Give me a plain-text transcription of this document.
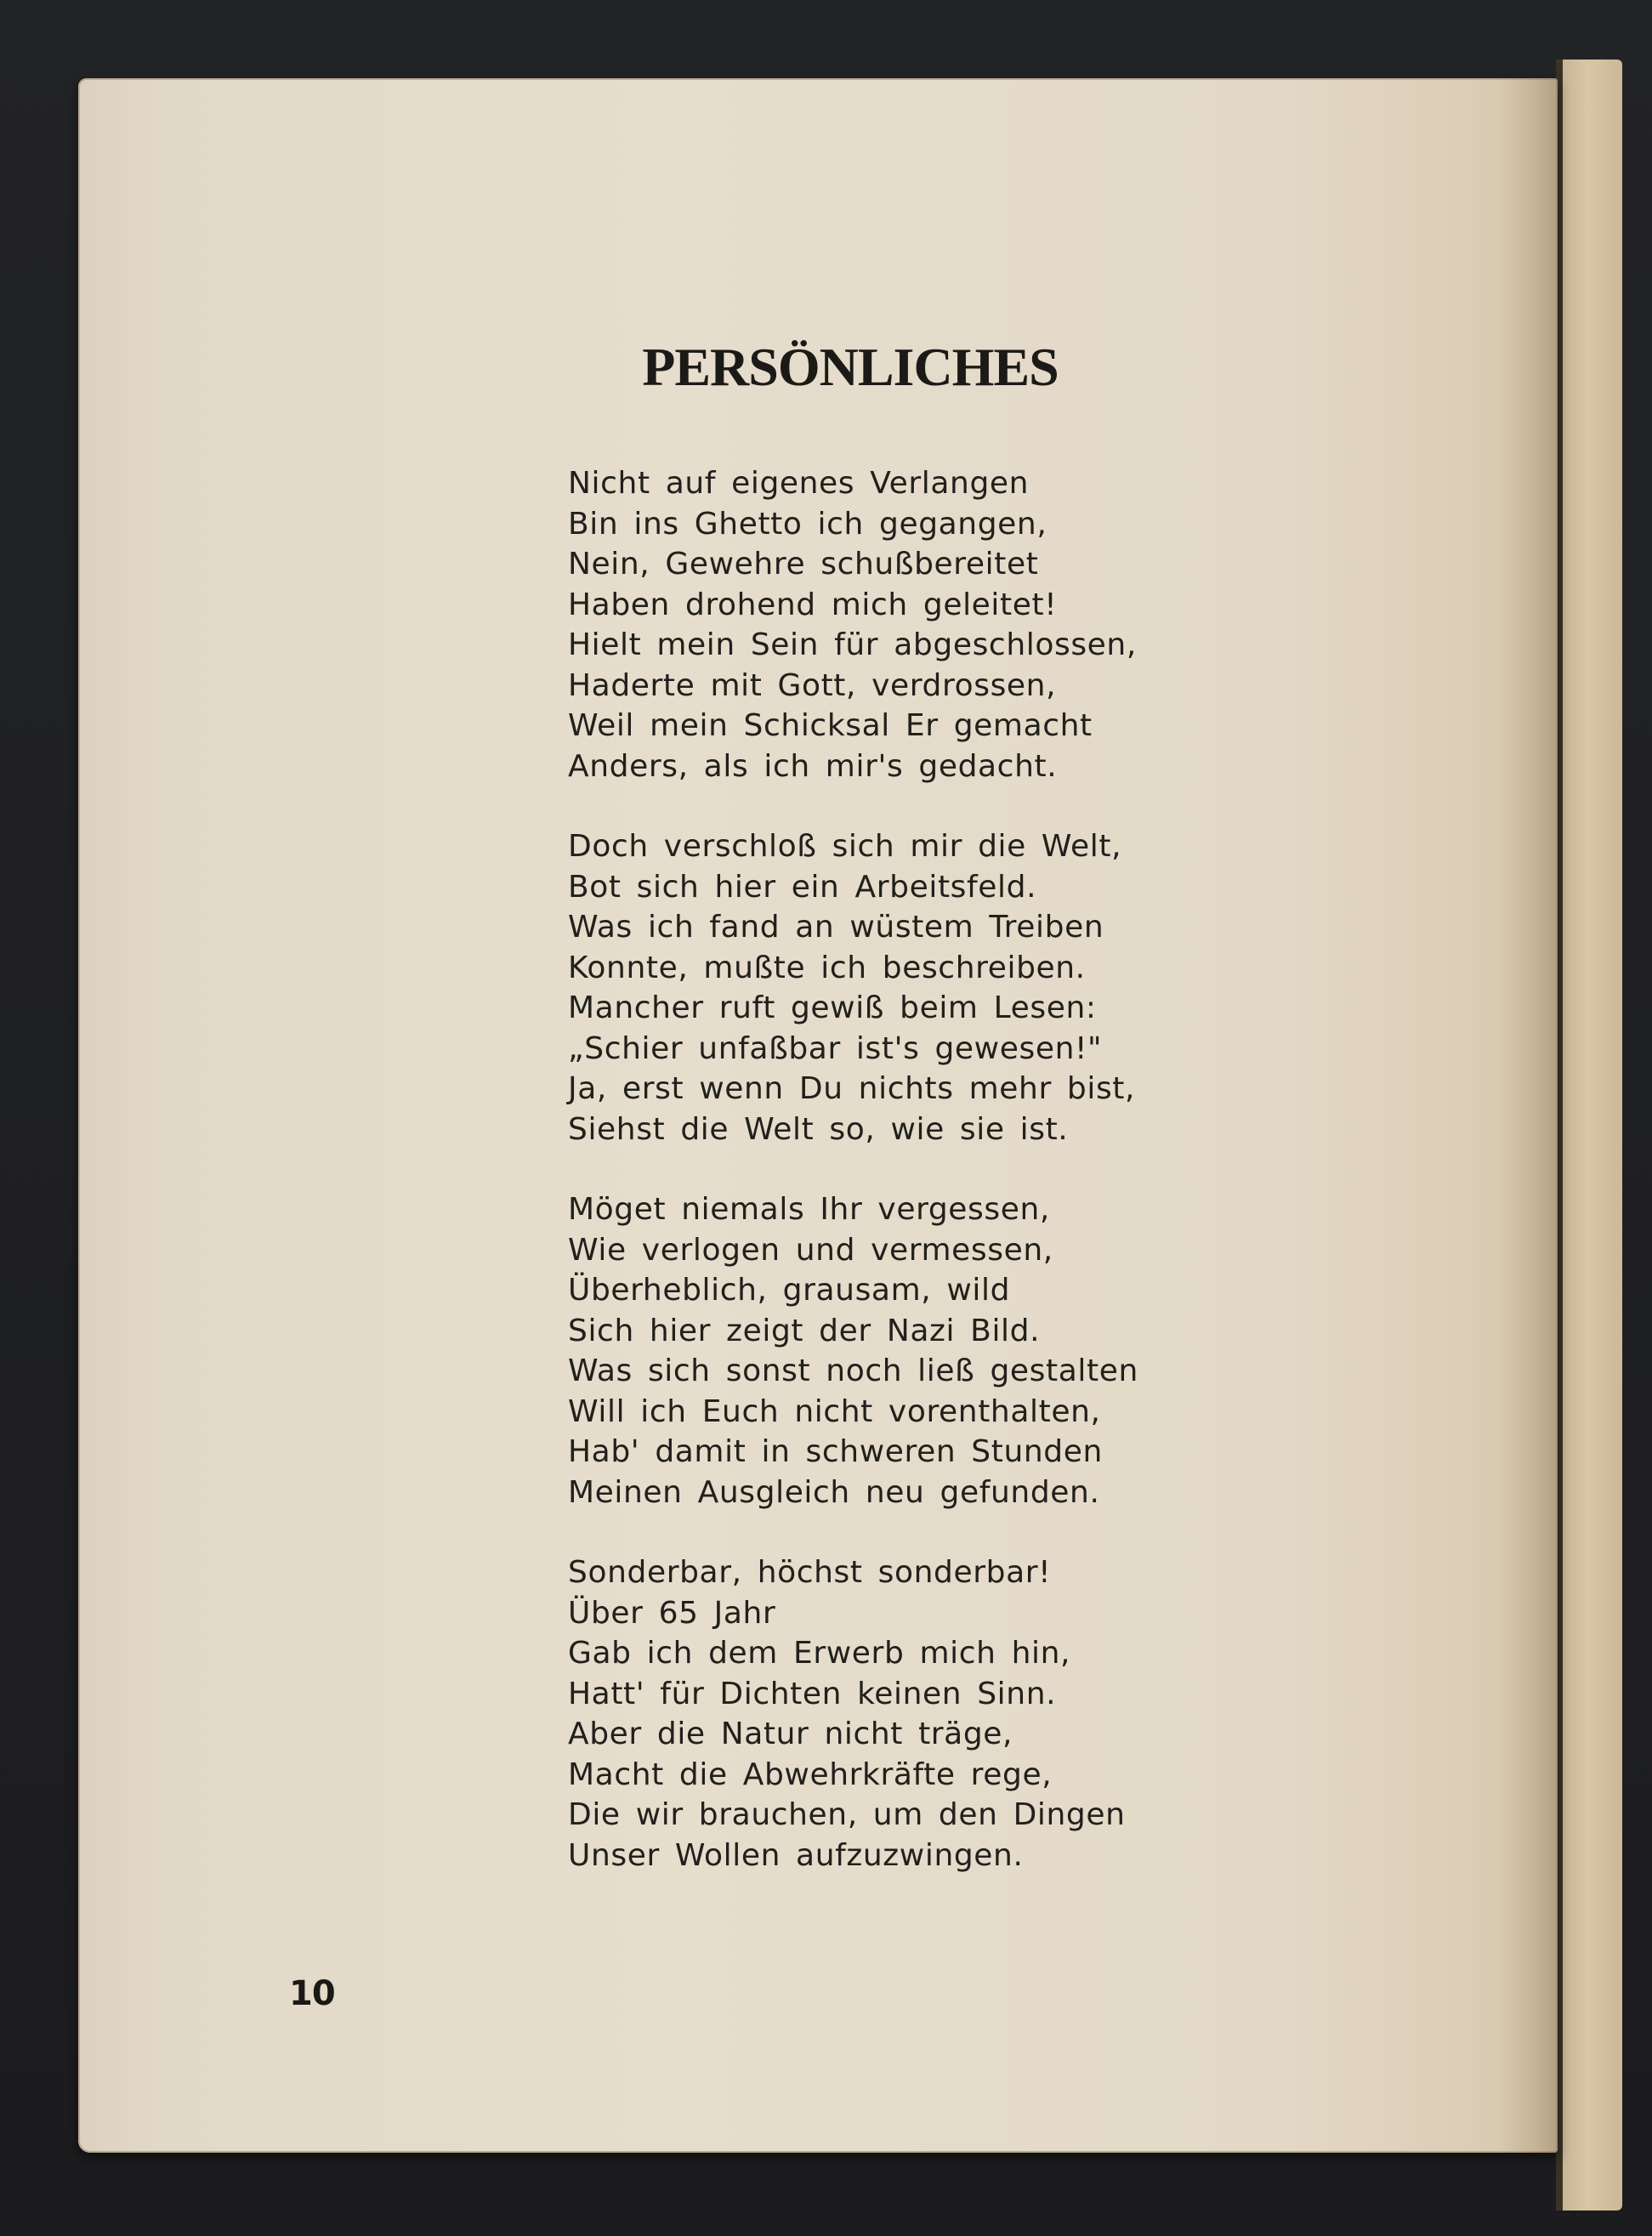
PERSÖNLICHES
Nicht auf eigenes Verlangen
Bin ins Ghetto ich gegangen,
Nein, Gewehre schußbereitet
Haben drohend mich geleitet!
Hielt mein Sein für abgeschlossen,
Haderte mit Gott, verdrossen,
Weil mein Schicksal Er gemacht
Anders, als ich mir's gedacht.
Doch verschloß sich mir die Welt,
Bot sich hier ein Arbeitsfeld.
Was ich fand an wüstem Treiben
Konnte, mußte ich beschreiben.
Mancher ruft gewiß beim Lesen:
„Schier unfaßbar ist's gewesen!"
Ja, erst wenn Du nichts mehr bist,
Siehst die Welt so, wie sie ist.
Möget niemals Ihr vergessen,
Wie verlogen und vermessen,
Überheblich, grausam, wild
Sich hier zeigt der Nazi Bild.
Was sich sonst noch ließ gestalten
Will ich Euch nicht vorenthalten,
Hab' damit in schweren Stunden
Meinen Ausgleich neu gefunden.
Sonderbar, höchst sonderbar!
Über 65 Jahr
Gab ich dem Erwerb mich hin,
Hatt' für Dichten keinen Sinn.
Aber die Natur nicht träge,
Macht die Abwehrkräfte rege,
Die wir brauchen, um den Dingen
Unser Wollen aufzuzwingen.
10
